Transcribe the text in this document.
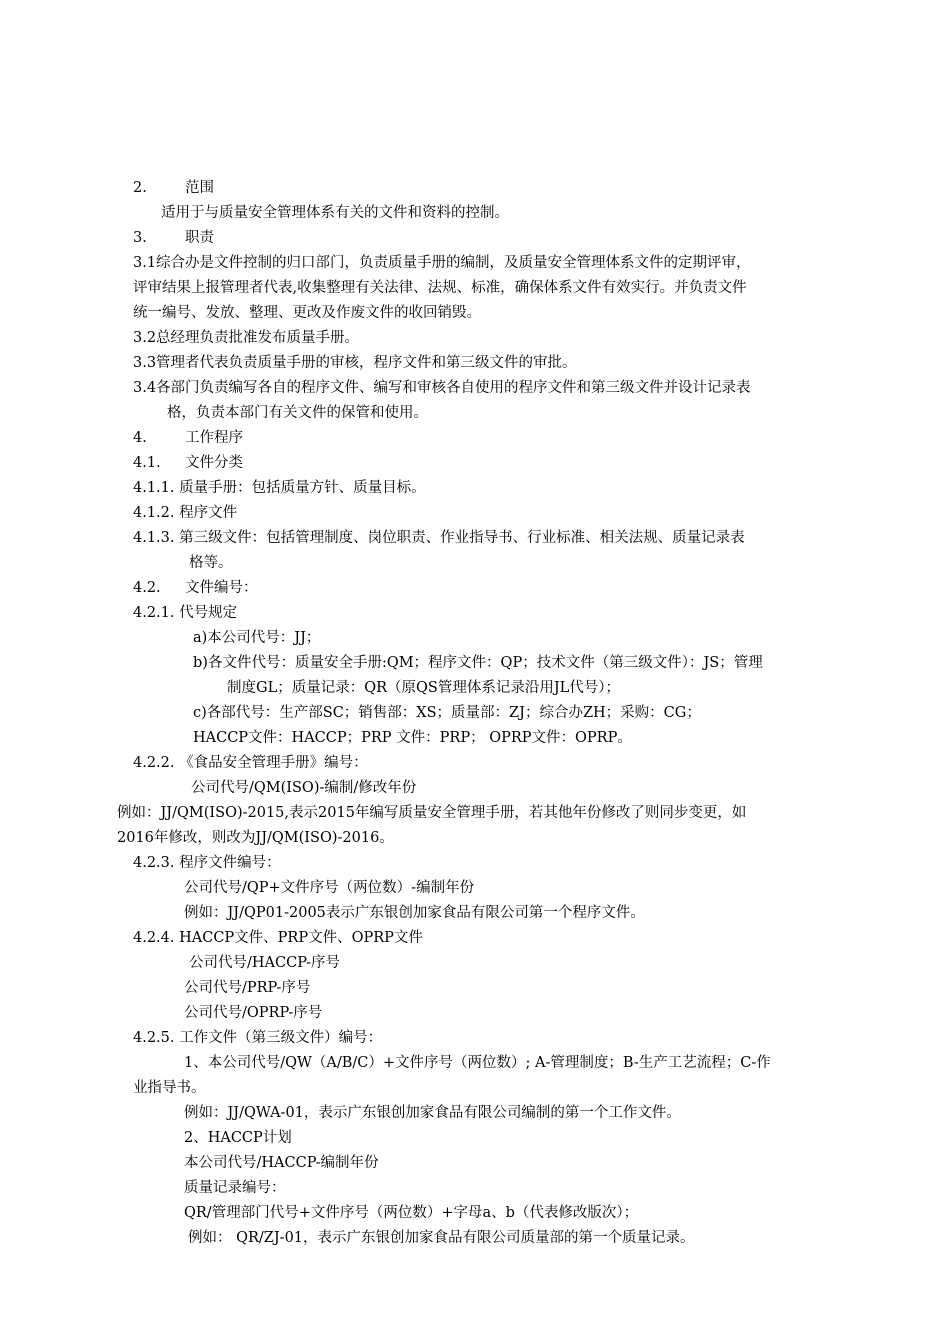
2.	范围
适用于与质量安全管理体系有关的文件和资料的控制。
3.	职责
3.1综合办是文件控制的归口部门，负责质量手册的编制，及质量安全管理体系文件的定期评审，
评审结果上报管理者代表,收集整理有关法律、法规、标准，确保体系文件有效实行。并负责文件
统一编号、发放、整理、更改及作废文件的收回销毁。
3.2总经理负责批准发布质量手册。
3.3管理者代表负责质量手册的审核，程序文件和第三级文件的审批。
3.4各部门负责编写各自的程序文件、编写和审核各自使用的程序文件和第三级文件并设计记录表
格，负责本部门有关文件的保管和使用。
4.	工作程序
4.1. 文件分类
4.1.1. 质量手册：包括质量方针、质量目标。
4.1.2. 程序文件
4.1.3. 第三级文件：包括管理制度、岗位职责、作业指导书、行业标准、相关法规、质量记录表
格等。
4.2. 文件编号：
4.2.1. 代号规定
a)本公司代号：JJ；
b)各文件代号：质量安全手册:QM；程序文件：QP；技术文件（第三级文件）：JS；管理
制度GL；质量记录：QR（原QS管理体系记录沿用JL代号）；
c)各部代号：生产部SC；销售部：XS；质量部：ZJ；综合办ZH；采购：CG；
HACCP文件：HACCP；PRP 文件：PRP； OPRP文件：OPRP。
4.2.2. 《食品安全管理手册》编号：
公司代号/QM(ISO)-编制/修改年份
例如：JJ/QM(ISO)-2015,表示2015年编写质量安全管理手册，若其他年份修改了则同步变更，如
2016年修改，则改为JJ/QM(ISO)-2016。
4.2.3. 程序文件编号：
公司代号/QP+文件序号（两位数）-编制年份
例如：JJ/QP01-2005表示广东银创加家食品有限公司第一个程序文件。
4.2.4. HACCP文件、PRP文件、OPRP文件
公司代号/HACCP-序号
公司代号/PRP-序号
公司代号/OPRP-序号
4.2.5. 工作文件（第三级文件）编号：
1、本公司代号/QW（A/B/C）+文件序号（两位数）; A-管理制度；B-生产工艺流程；C-作
业指导书。
例如：JJ/QWA-01，表示广东银创加家食品有限公司编制的第一个工作文件。
2、HACCP计划
本公司代号/HACCP-编制年份
质量记录编号：
QR/管理部门代号+文件序号（两位数）+字母a、b（代表修改版次）；
例如： QR/ZJ-01，表示广东银创加家食品有限公司质量部的第一个质量记录。
